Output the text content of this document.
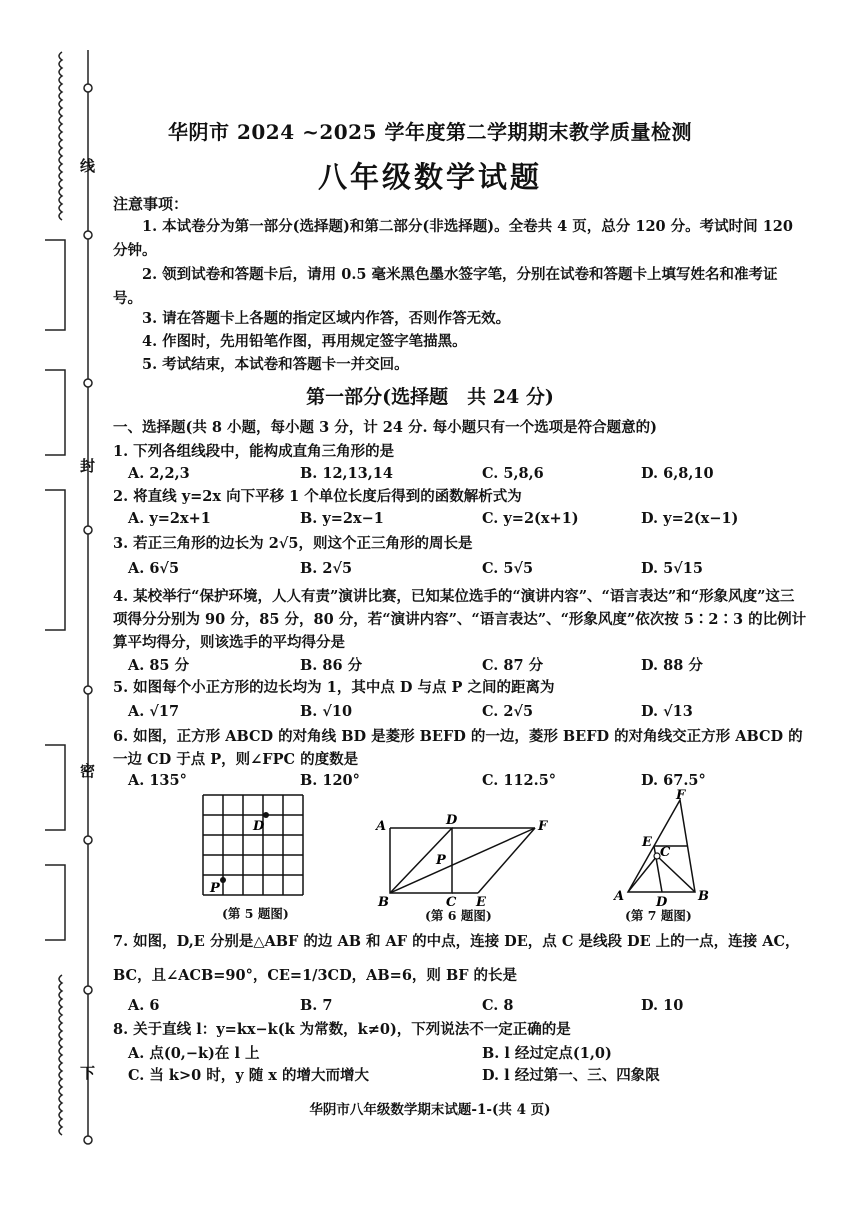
线
封
密
下
华阴市 2024 ~2025 学年度第二学期期末教学质量检测
八年级数学试题
注意事项：
1. 本试卷分为第一部分(选择题)和第二部分(非选择题)。全卷共 4 页，总分 120 分。考试时间 120 分钟。
2. 领到试卷和答题卡后，请用 0.5 毫米黑色墨水签字笔，分别在试卷和答题卡上填写姓名和准考证号。
3. 请在答题卡上各题的指定区域内作答，否则作答无效。
4. 作图时，先用铅笔作图，再用规定签字笔描黑。
5. 考试结束，本试卷和答题卡一并交回。
第一部分(选择题　共 24 分)
一、选择题(共 8 小题，每小题 3 分，计 24 分. 每小题只有一个选项是符合题意的)
1. 下列各组线段中，能构成直角三角形的是
A. 2,2,3	B. 12,13,14	C. 5,8,6	D. 6,8,10
2. 将直线 y=2x 向下平移 1 个单位长度后得到的函数解析式为
A. y=2x+1	B. y=2x−1	C. y=2(x+1)	D. y=2(x−1)
3. 若正三角形的边长为 2√5，则这个正三角形的周长是
A. 6√5	B. 2√5	C. 5√5	D. 5√15
4. 某校举行“保护环境，人人有责”演讲比赛，已知某位选手的“演讲内容”、“语言表达”和“形象风度”这三项得分分别为 90 分，85 分，80 分，若“演讲内容”、“语言表达”、“形象风度”依次按 5∶2∶3 的比例计算平均得分，则该选手的平均得分是
A. 85 分	B. 86 分	C. 87 分	D. 88 分
5. 如图每个小正方形的边长均为 1，其中点 D 与点 P 之间的距离为
A. √17	B. √10	C. 2√5	D. √13
6. 如图，正方形 ABCD 的对角线 BD 是菱形 BEFD 的一边，菱形 BEFD 的对角线交正方形 ABCD 的一边 CD 于点 P，则∠FPC 的度数是
A. 135°	B. 120°	C. 112.5°	D. 67.5°
D
P
(第 5 题图)
A	D	F
P
B	C E
(第 6 题图)
F
E
C
A D B
(第 7 题图)
7. 如图，D,E 分别是△ABF 的边 AB 和 AF 的中点，连接 DE，点 C 是线段 DE 上的一点，连接 AC，BC，且∠ACB=90°，CE=1/3CD，AB=6，则 BF 的长是
A. 6	B. 7	C. 8	D. 10
8. 关于直线 l：y=kx−k(k 为常数，k≠0)，下列说法不一定正确的是
A. 点(0,−k)在 l 上	B. l 经过定点(1,0)
C. 当 k>0 时，y 随 x 的增大而增大	D. l 经过第一、三、四象限
华阴市八年级数学期末试题-1-(共 4 页)
